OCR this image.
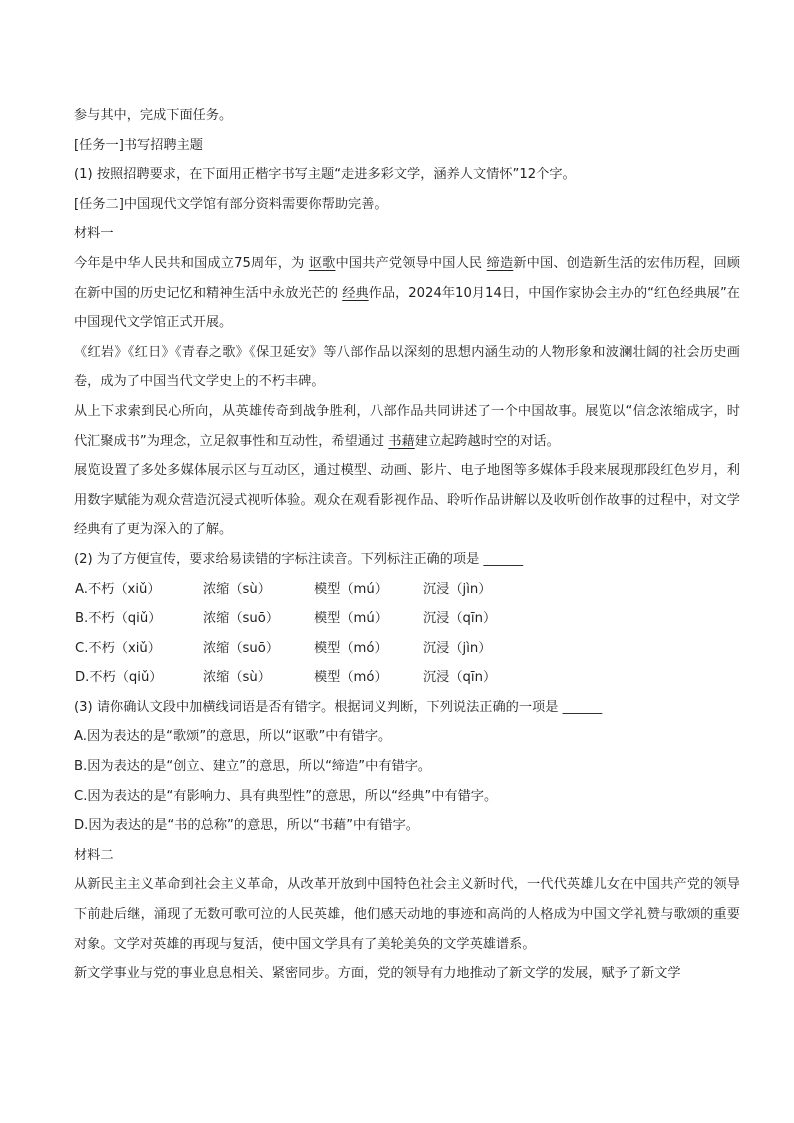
参与其中，完成下面任务。
[任务一]书写招聘主题
(1) 按照招聘要求，在下面用正楷字书写主题“走进多彩文学，涵养人文情怀”12个字。
[任务二]中国现代文学馆有部分资料需要你帮助完善。
材料一
今年是中华人民共和国成立75周年，为 讴歌中国共产党领导中国人民 缔造新中国、创造新生活的宏伟历程，回顾在新中国的历史记忆和精神生活中永放光芒的 经典作品，2024年10月14日，中国作家协会主办的“红色经典展”在中国现代文学馆正式开展。
《红岩》《红日》《青春之歌》《保卫延安》等八部作品以深刻的思想内涵生动的人物形象和波澜壮阔的社会历史画卷，成为了中国当代文学史上的不朽丰碑。
从上下求索到民心所向，从英雄传奇到战争胜利，八部作品共同讲述了一个中国故事。展览以“信念浓缩成字，时代汇聚成书”为理念，立足叙事性和互动性，希望通过 书藉建立起跨越时空的对话。
展览设置了多处多媒体展示区与互动区，通过模型、动画、影片、电子地图等多媒体手段来展现那段红色岁月，利用数字赋能为观众营造沉浸式视听体验。观众在观看影视作品、聆听作品讲解以及收听创作故事的过程中，对文学经典有了更为深入的了解。
(2) 为了方便宣传，要求给易读错的字标注读音。下列标注正确的项是 ______
A.不朽（xiǔ）	浓缩（sù）	模型（mú）	沉浸（jìn）
B.不朽（qiǔ）	浓缩（suō）	模型（mú）	沉浸（qīn）
C.不朽（xiǔ）	浓缩（suō）	模型（mó）	沉浸（jìn）
D.不朽（qiǔ）	浓缩（sù）	模型（mó）	沉浸（qīn）
(3) 请你确认文段中加横线词语是否有错字。根据词义判断，下列说法正确的一项是 ______
A.因为表达的是“歌颂”的意思，所以“讴歌”中有错字。
B.因为表达的是“创立、建立”的意思，所以“缔造”中有错字。
C.因为表达的是“有影响力、具有典型性”的意思，所以“经典”中有错字。
D.因为表达的是“书的总称”的意思，所以“书藉”中有错字。
材料二
从新民主主义革命到社会主义革命，从改革开放到中国特色社会主义新时代，一代代英雄儿女在中国共产党的领导下前赴后继，涌现了无数可歌可泣的人民英雄，他们感天动地的事迹和高尚的人格成为中国文学礼赞与歌颂的重要对象。文学对英雄的再现与复活，使中国文学具有了美轮美奂的文学英雄谱系。
新文学事业与党的事业息息相关、紧密同步。方面，党的领导有力地推动了新文学的发展，赋予了新文学
